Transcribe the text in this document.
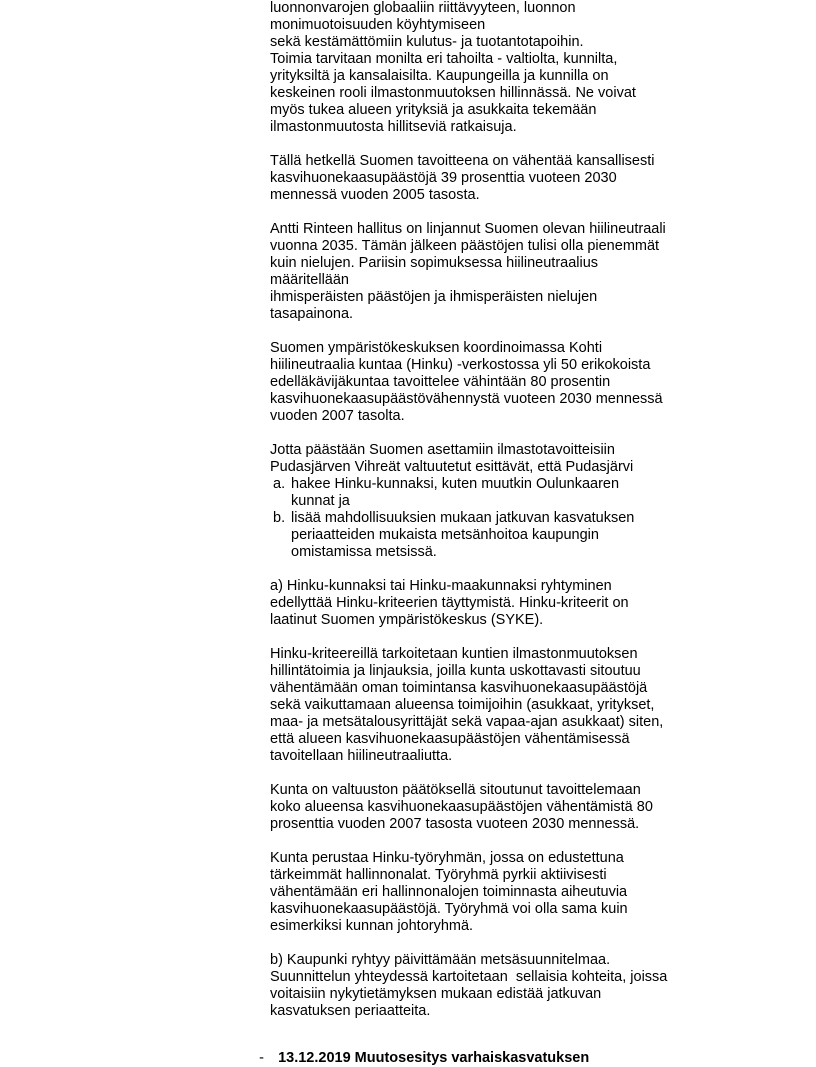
luonnonvarojen globaaliin riittävyyteen, luonnon
monimuotoisuuden köyhtymiseen
sekä kestämättömiin kulutus- ja tuotantotapoihin.
Toimia tarvitaan monilta eri tahoilta - valtiolta, kunnilta,
yrityksiltä ja kansalaisilta. Kaupungeilla ja kunnilla on
keskeinen rooli ilmastonmuutoksen hillinnässä. Ne voivat
myös tukea alueen yrityksiä ja asukkaita tekemään
ilmastonmuutosta hillitseviä ratkaisuja.
Tällä hetkellä Suomen tavoitteena on vähentää kansallisesti
kasvihuonekaasupäästöjä 39 prosenttia vuoteen 2030
mennessä vuoden 2005 tasosta.
Antti Rinteen hallitus on linjannut Suomen olevan hiilineutraali
vuonna 2035. Tämän jälkeen päästöjen tulisi olla pienemmät
kuin nielujen. Pariisin sopimuksessa hiilineutraalius
määritellään
ihmisperäisten päästöjen ja ihmisperäisten nielujen
tasapainona.
Suomen ympäristökeskuksen koordinoimassa Kohti
hiilineutraalia kuntaa (Hinku) -verkostossa yli 50 erikokoista
edelläkävijäkuntaa tavoittelee vähintään 80 prosentin
kasvihuonekaasupäästövähennystä vuoteen 2030 mennessä
vuoden 2007 tasolta.
Jotta päästään Suomen asettamiin ilmastotavoitteisiin
Pudasjärven Vihreät valtuutetut esittävät, että Pudasjärvi
a. hakee Hinku-kunnaksi, kuten muutkin Oulunkaaren
kunnat ja
b. lisää mahdollisuuksien mukaan jatkuvan kasvatuksen
periaatteiden mukaista metsänhoitoa kaupungin
omistamissa metsissä.
a) Hinku-kunnaksi tai Hinku-maakunnaksi ryhtyminen
edellyttää Hinku-kriteerien täyttymistä. Hinku-kriteerit on
laatinut Suomen ympäristökeskus (SYKE).
Hinku-kriteereillä tarkoitetaan kuntien ilmastonmuutoksen
hillintätoimia ja linjauksia, joilla kunta uskottavasti sitoutuu
vähentämään oman toimintansa kasvihuonekaasupäästöjä
sekä vaikuttamaan alueensa toimijoihin (asukkaat, yritykset,
maa- ja metsätalousyrittäjät sekä vapaa-ajan asukkaat) siten,
että alueen kasvihuonekaasupäästöjen vähentämisessä
tavoitellaan hiilineutraaliutta.
Kunta on valtuuston päätöksellä sitoutunut tavoittelemaan
koko alueensa kasvihuonekaasupäästöjen vähentämistä 80
prosenttia vuoden 2007 tasosta vuoteen 2030 mennessä.
Kunta perustaa Hinku-työryhmän, jossa on edustettuna
tärkeimmät hallinnonalat. Työryhmä pyrkii aktiivisesti
vähentämään eri hallinnonalojen toiminnasta aiheutuvia
kasvihuonekaasupäästöjä. Työryhmä voi olla sama kuin
esimerkiksi kunnan johtoryhmä.
b) Kaupunki ryhtyy päivittämään metsäsuunnitelmaa.
Suunnittelun yhteydessä kartoitetaan  sellaisia kohteita, joissa
voitaisiin nykytietämyksen mukaan edistää jatkuvan
kasvatuksen periaatteita.

- 13.12.2019 Muutosesitys varhaiskasvatuksen
